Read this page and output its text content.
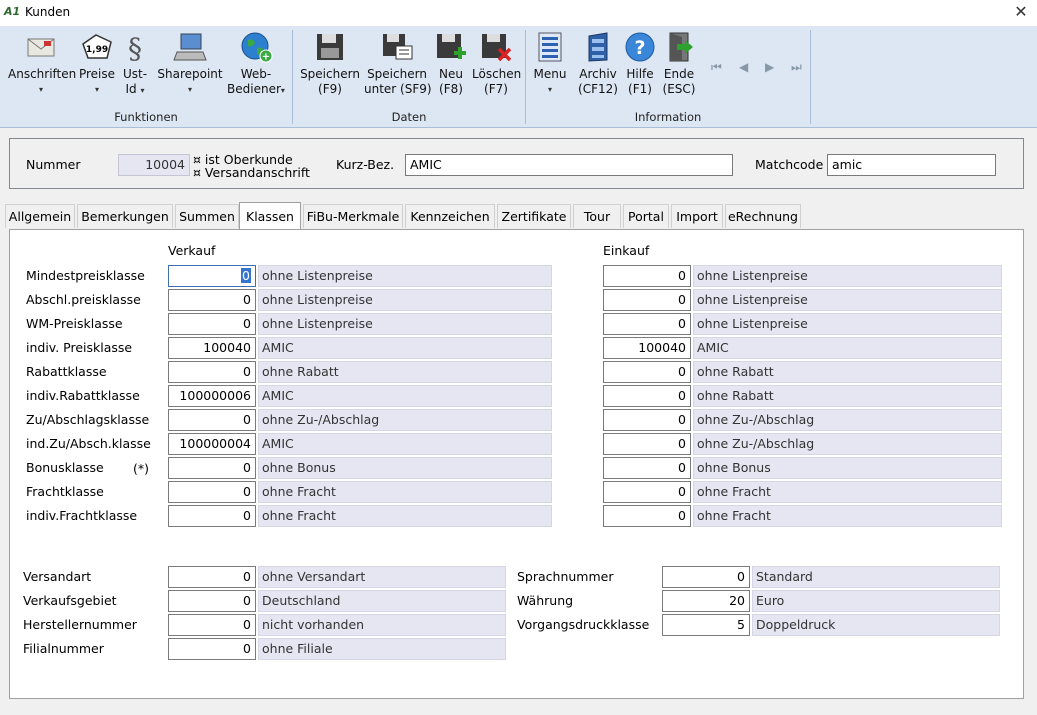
A1 Kunden	✕
Anschriften
▾
1,99
Preise
▾
§
Ust-
Id ▾
Sharepoint
▾
+
Web-
Bediener▾
Funktionen
Speichern
(F9)
Speichern
unter (SF9)
Neu
(F8)
Löschen
(F7)
Daten
Menu
▾
Archiv
(CF12)
?
Hilfe
(F1)
Ende
(ESC)
⏮ ◀ ▶ ⏭
Information
Nummer	10004 ¤ ist Oberkunde
¤ Versandanschrift
Kurz-Bez.	AMIC	Matchcode amic
Allgemein Bemerkungen Summen Klassen	FiBu-Merkmale Kennzeichen Zertifikate	Tour	Portal Import eRechnung
Verkauf	Einkauf
(*)
Mindestpreisklasse	0 ohne Listenpreise	0 ohne Listenpreise
Abschl.preisklasse	0 ohne Listenpreise	0 ohne Listenpreise
WM-Preisklasse	0 ohne Listenpreise	0 ohne Listenpreise
indiv. Preisklasse	100040 AMIC	100040 AMIC
Rabattklasse	0 ohne Rabatt	0 ohne Rabatt
indiv.Rabattklasse	100000006 AMIC	0 ohne Rabatt
Zu/Abschlagsklasse	0 ohne Zu-/Abschlag	0 ohne Zu-/Abschlag
ind.Zu/Absch.klasse	100000004 AMIC	0 ohne Zu-/Abschlag
Bonusklasse	0 ohne Bonus	0 ohne Bonus
Frachtklasse	0 ohne Fracht	0 ohne Fracht
indiv.Frachtklasse	0 ohne Fracht	0 ohne Fracht
Versandart	0 ohne Versandart
Verkaufsgebiet	0 Deutschland
Herstellernummer	0 nicht vorhanden
Filialnummer	0 ohne Filiale
Sprachnummer	0 Standard
Währung	20 Euro
Vorgangsdruckklasse	5 Doppeldruck
